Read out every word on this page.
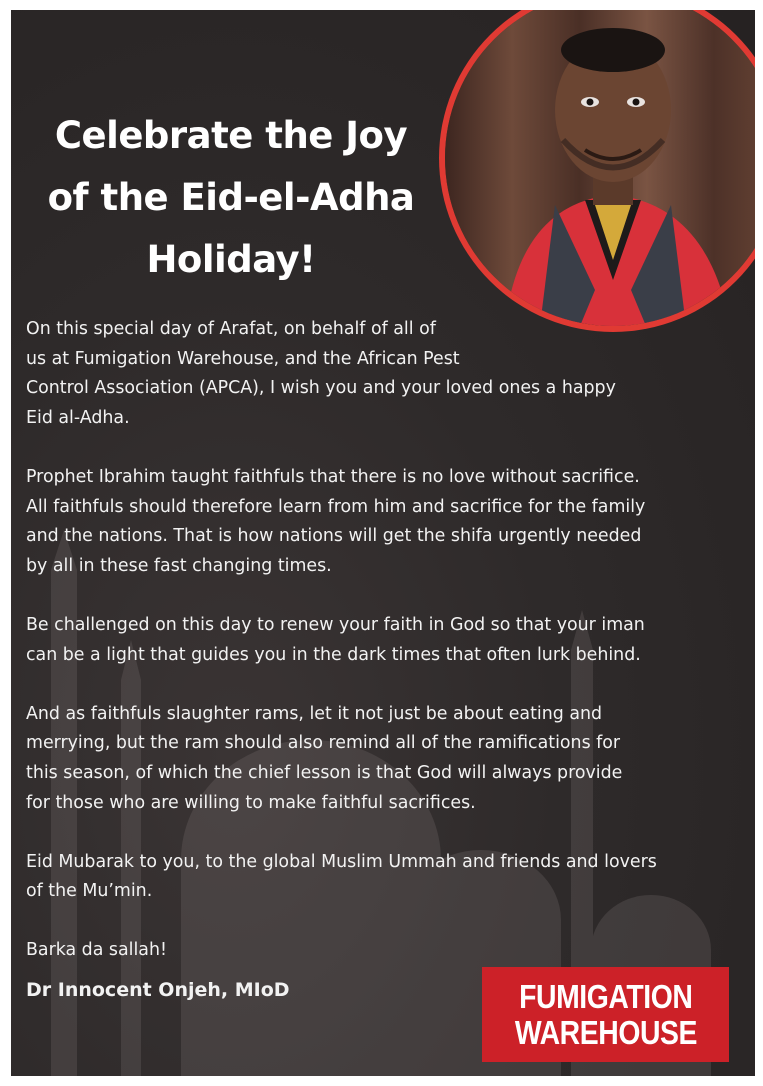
Celebrate the Joy
of the Eid-el-Adha
Holiday!

On this special day of Arafat, on behalf of all of
us at Fumigation Warehouse, and the African Pest
Control Association (APCA), I wish you and your loved ones a happy
Eid al-Adha.

Prophet Ibrahim taught faithfuls that there is no love without sacrifice.
All faithfuls should therefore learn from him and sacrifice for the family
and the nations. That is how nations will get the shifa urgently needed
by all in these fast changing times.

Be challenged on this day to renew your faith in God so that your iman
can be a light that guides you in the dark times that often lurk behind.

And as faithfuls slaughter rams, let it not just be about eating and
merrying, but the ram should also remind all of the ramifications for
this season, of which the chief lesson is that God will always provide
for those who are willing to make faithful sacrifices.

Eid Mubarak to you, to the global Muslim Ummah and friends and lovers
of the Mu’min.

Barka da sallah!

Dr Innocent Onjeh, MIoD	FUMIGATION
WAREHOUSE
